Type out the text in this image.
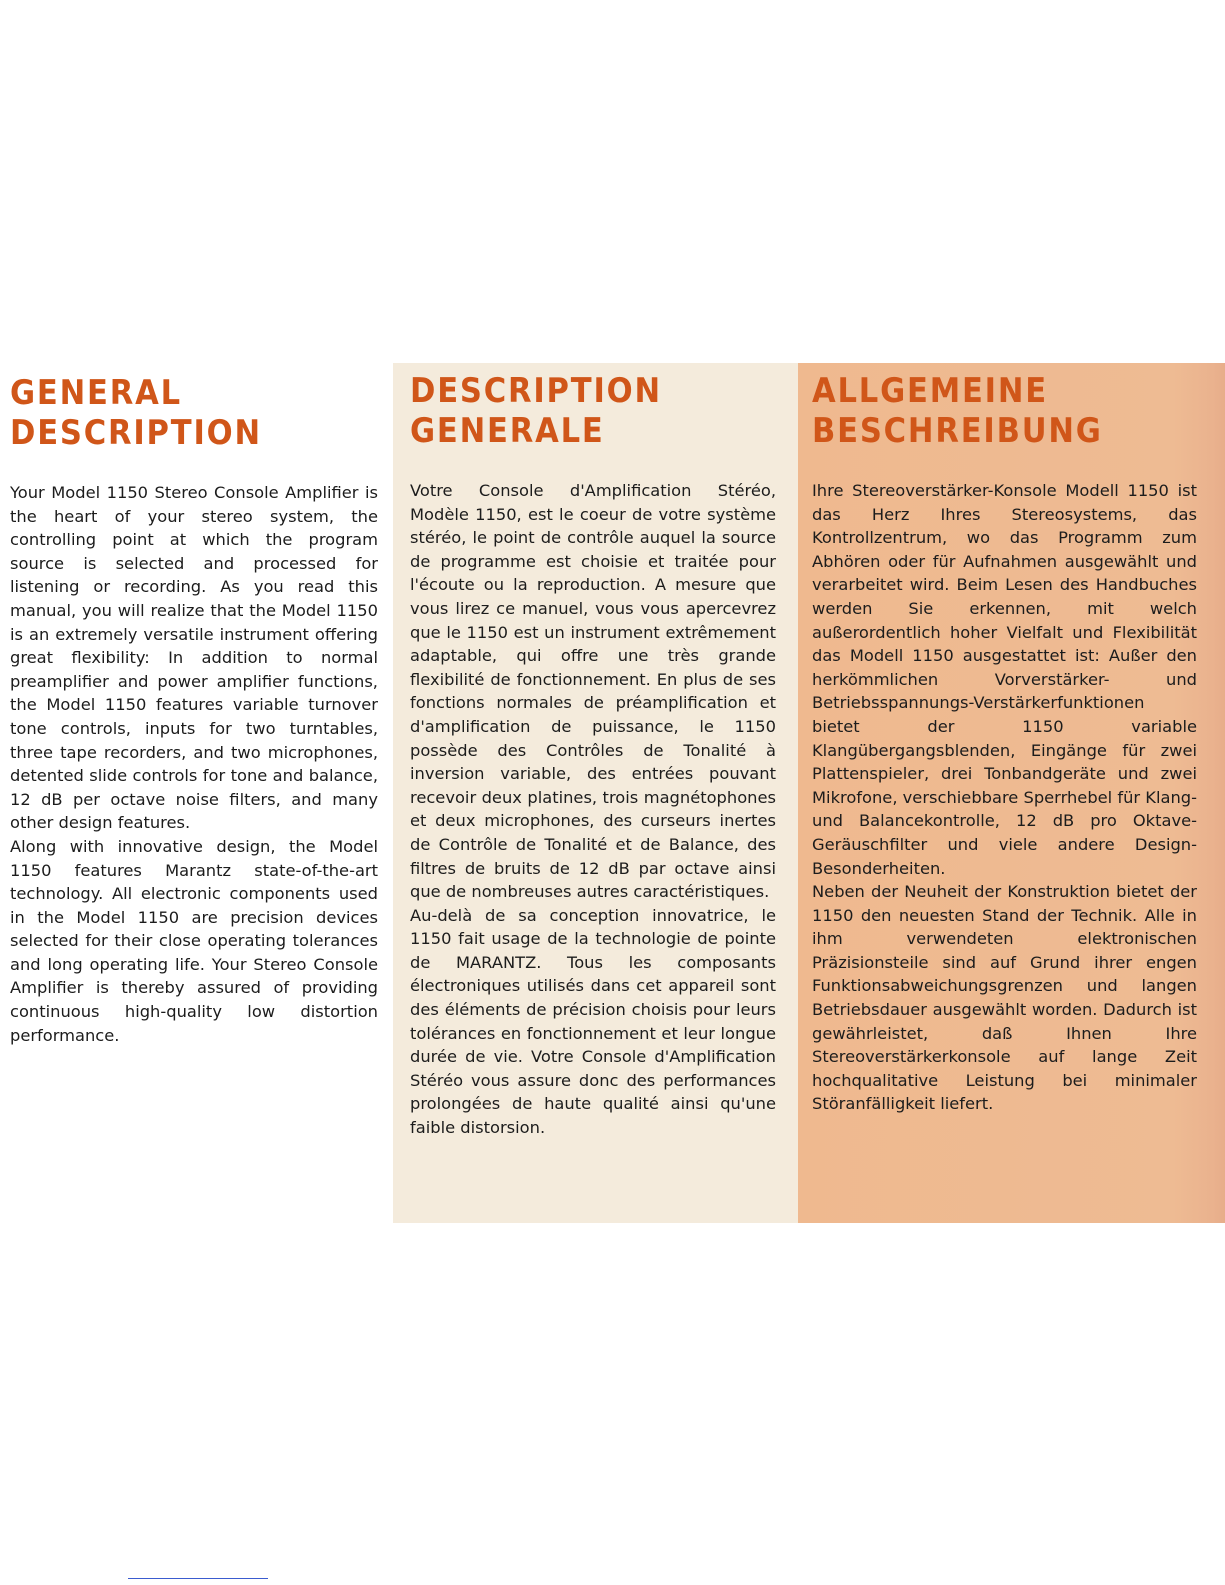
GENERAL
DESCRIPTION

Your Model 1150 Stereo Console Amplifier is the heart of your stereo system, the controlling point at which the program source is selected and processed for listening or recording. As you read this manual, you will realize that the Model 1150 is an extremely versatile instrument offering great flexibility: In addition to normal preamplifier and power amplifier functions, the Model 1150 features variable turnover tone controls, inputs for two turntables, three tape recorders, and two microphones, detented slide controls for tone and balance, 12 dB per octave noise filters, and many other design features.

Along with innovative design, the Model 1150 features Marantz state-of-the-art technology. All electronic components used in the Model 1150 are precision devices selected for their close operating tolerances and long operating life. Your Stereo Console Amplifier is thereby assured of providing continuous high-quality low distortion performance.

DESCRIPTION
GENERALE

Votre Console d'Amplification Stéréo, Modèle 1150, est le coeur de votre système stéréo, le point de contrôle auquel la source de programme est choisie et traitée pour l'écoute ou la reproduction. A mesure que vous lirez ce manuel, vous vous apercevrez que le 1150 est un instrument extrêmement adaptable, qui offre une très grande flexibilité de fonctionnement. En plus de ses fonctions normales de préamplification et d'amplification de puissance, le 1150 possède des Contrôles de Tonalité à inversion variable, des entrées pouvant recevoir deux platines, trois magnétophones et deux microphones, des curseurs inertes de Contrôle de Tonalité et de Balance, des filtres de bruits de 12 dB par octave ainsi que de nombreuses autres caractéristiques.

Au-delà de sa conception innovatrice, le 1150 fait usage de la technologie de pointe de MARANTZ. Tous les composants électroniques utilisés dans cet appareil sont des éléments de précision choisis pour leurs tolérances en fonctionnement et leur longue durée de vie. Votre Console d'Amplification Stéréo vous assure donc des performances prolongées de haute qualité ainsi qu'une faible distorsion.

ALLGEMEINE
BESCHREIBUNG

Ihre Stereoverstärker-Konsole Modell 1150 ist das Herz Ihres Stereosystems, das Kontrollzentrum, wo das Programm zum Abhören oder für Aufnahmen ausgewählt und verarbeitet wird. Beim Lesen des Handbuches werden Sie erkennen, mit welch außerordentlich hoher Vielfalt und Flexibilität das Modell 1150 ausgestattet ist: Außer den herkömmlichen Vorverstärker- und Betriebsspannungs-Verstärkerfunktionen bietet der 1150 variable Klangübergangsblenden, Eingänge für zwei Plattenspieler, drei Tonbandgeräte und zwei Mikrofone, verschiebbare Sperrhebel für Klang- und Balancekontrolle, 12 dB pro Oktave-Geräuschfilter und viele andere Design-Besonderheiten.

Neben der Neuheit der Konstruktion bietet der 1150 den neuesten Stand der Technik. Alle in ihm verwendeten elektronischen Präzisionsteile sind auf Grund ihrer engen Funktionsabweichungsgrenzen und langen Betriebsdauer ausgewählt worden. Dadurch ist gewährleistet, daß Ihnen Ihre Stereoverstärkerkonsole auf lange Zeit hochqualitative Leistung bei minimaler Störanfälligkeit liefert.
